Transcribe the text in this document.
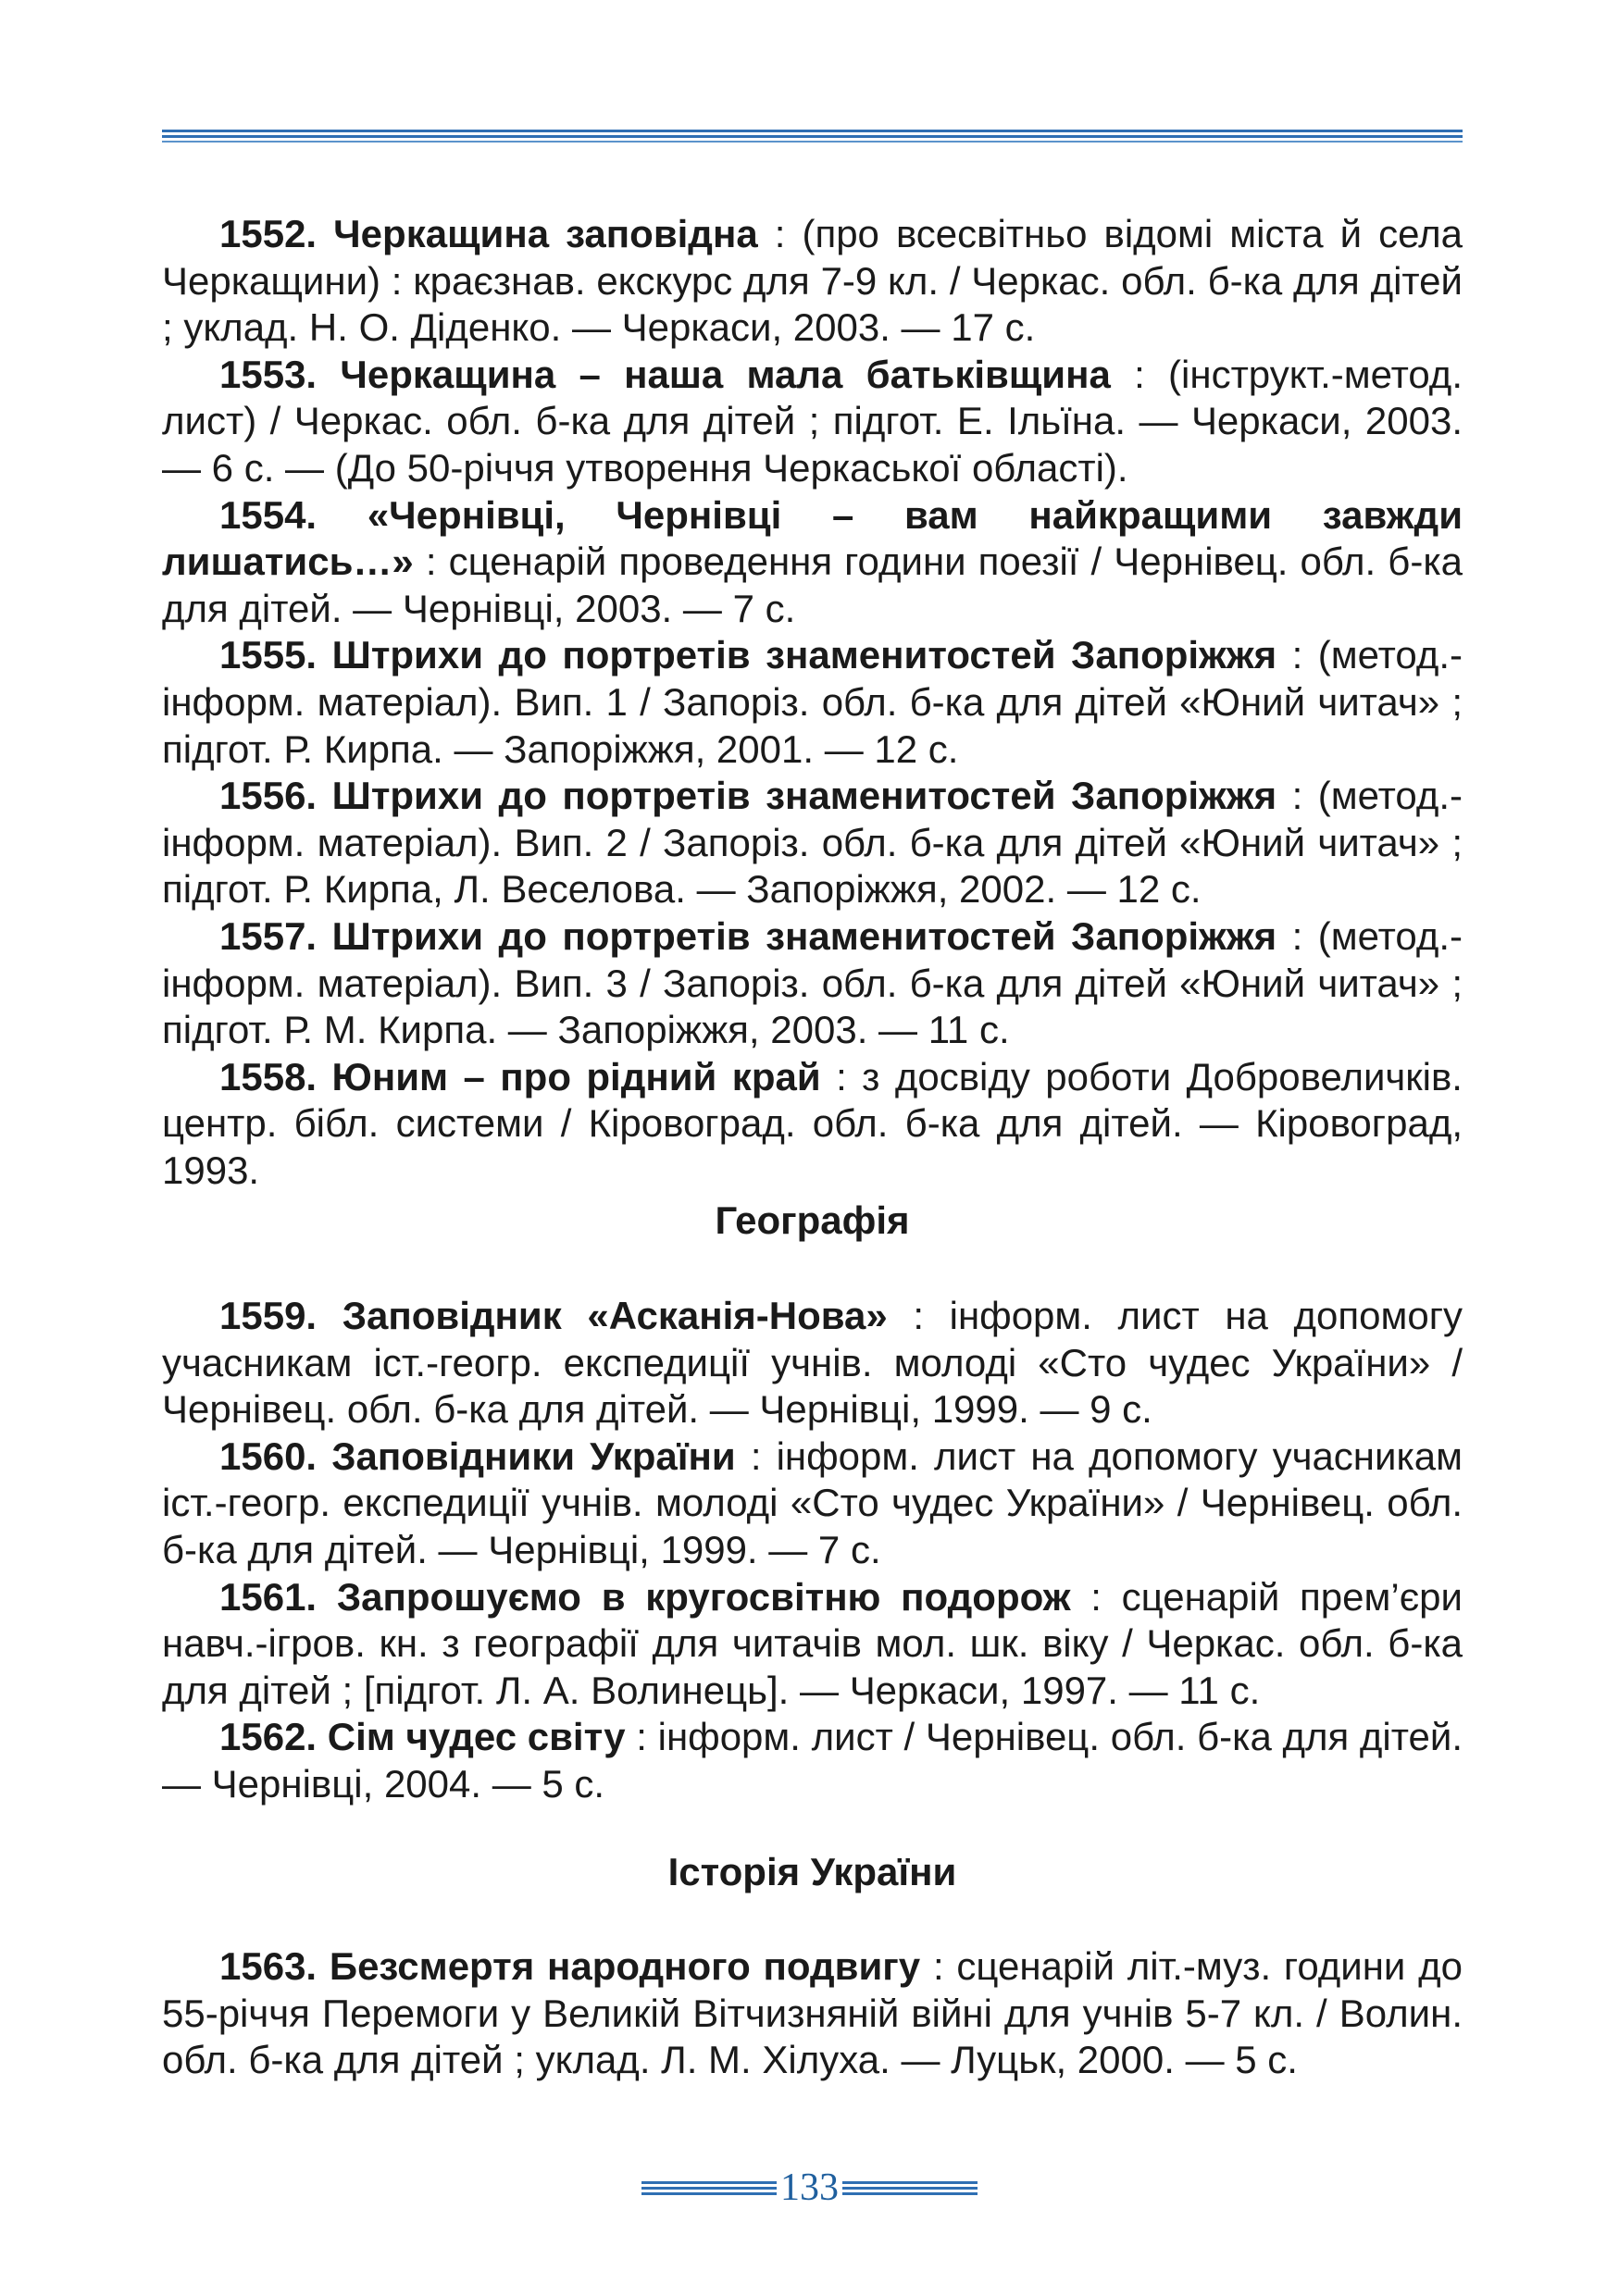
1552. Черкащина заповідна : (про всесвітньо відомі міста й села Черкащини) : краєзнав. екскурс для 7-9 кл. / Черкас. обл. б-ка для дітей ; уклад. Н. О. Діденко. — Черкаси, 2003. — 17 с.

1553. Черкащина – наша мала батьківщина : (інструкт.-метод. лист) / Черкас. обл. б-ка для дітей ; підгот. Е. Ільїна. — Черкаси, 2003. — 6 с. — (До 50-річчя утворення Черкаської області).

1554. «Чернівці, Чернівці – вам найкращими завжди лишатись…» : сценарій проведення години поезії / Чернівец. обл. б-ка для дітей. — Чернівці, 2003. — 7 с.

1555. Штрихи до портретів знаменитостей Запоріжжя : (метод.-інформ. матеріал). Вип. 1 / Запоріз. обл. б-ка для дітей «Юний читач» ; підгот. Р. Кирпа. — Запоріжжя, 2001. — 12 с.

1556. Штрихи до портретів знаменитостей Запоріжжя : (метод.-інформ. матеріал). Вип. 2 / Запоріз. обл. б-ка для дітей «Юний читач» ; підгот. Р. Кирпа, Л. Веселова. — Запоріжжя, 2002. — 12 с.

1557. Штрихи до портретів знаменитостей Запоріжжя : (метод.-інформ. матеріал). Вип. 3 / Запоріз. обл. б-ка для дітей «Юний читач» ; підгот. Р. М. Кирпа. — Запоріжжя, 2003. — 11 с.

1558. Юним – про рідний край : з досвіду роботи Добровеличків. центр. бібл. системи / Кіровоград. обл. б-ка для дітей. — Кіровоград, 1993.

Географія

1559. Заповідник «Асканія-Нова» : інформ. лист на допомогу учасникам іст.-геогр. експедиції учнів. молоді «Сто чудес України» / Чернівец. обл. б-ка для дітей. — Чернівці, 1999. — 9 с.

1560. Заповідники України : інформ. лист на допомогу учасникам іст.-геогр. експедиції учнів. молоді «Сто чудес України» / Чернівец. обл. б-ка для дітей. — Чернівці, 1999. — 7 с.

1561. Запрошуємо в кругосвітню подорож : сценарій прем’єри навч.-ігров. кн. з географії для читачів мол. шк. віку / Черкас. обл. б-ка для дітей ; [підгот. Л. А. Волинець]. — Черкаси, 1997. — 11 с.

1562. Сім чудес світу : інформ. лист / Чернівец. обл. б-ка для дітей. — Чернівці, 2004. — 5 с.

Історія України

1563. Безсмертя народного подвигу : сценарій літ.-муз. години до 55-річчя Перемоги у Великій Вітчизняній війні для учнів 5-7 кл. / Волин. обл. б-ка для дітей ; уклад. Л. М. Хілуха. — Луцьк, 2000. — 5 с.

133
